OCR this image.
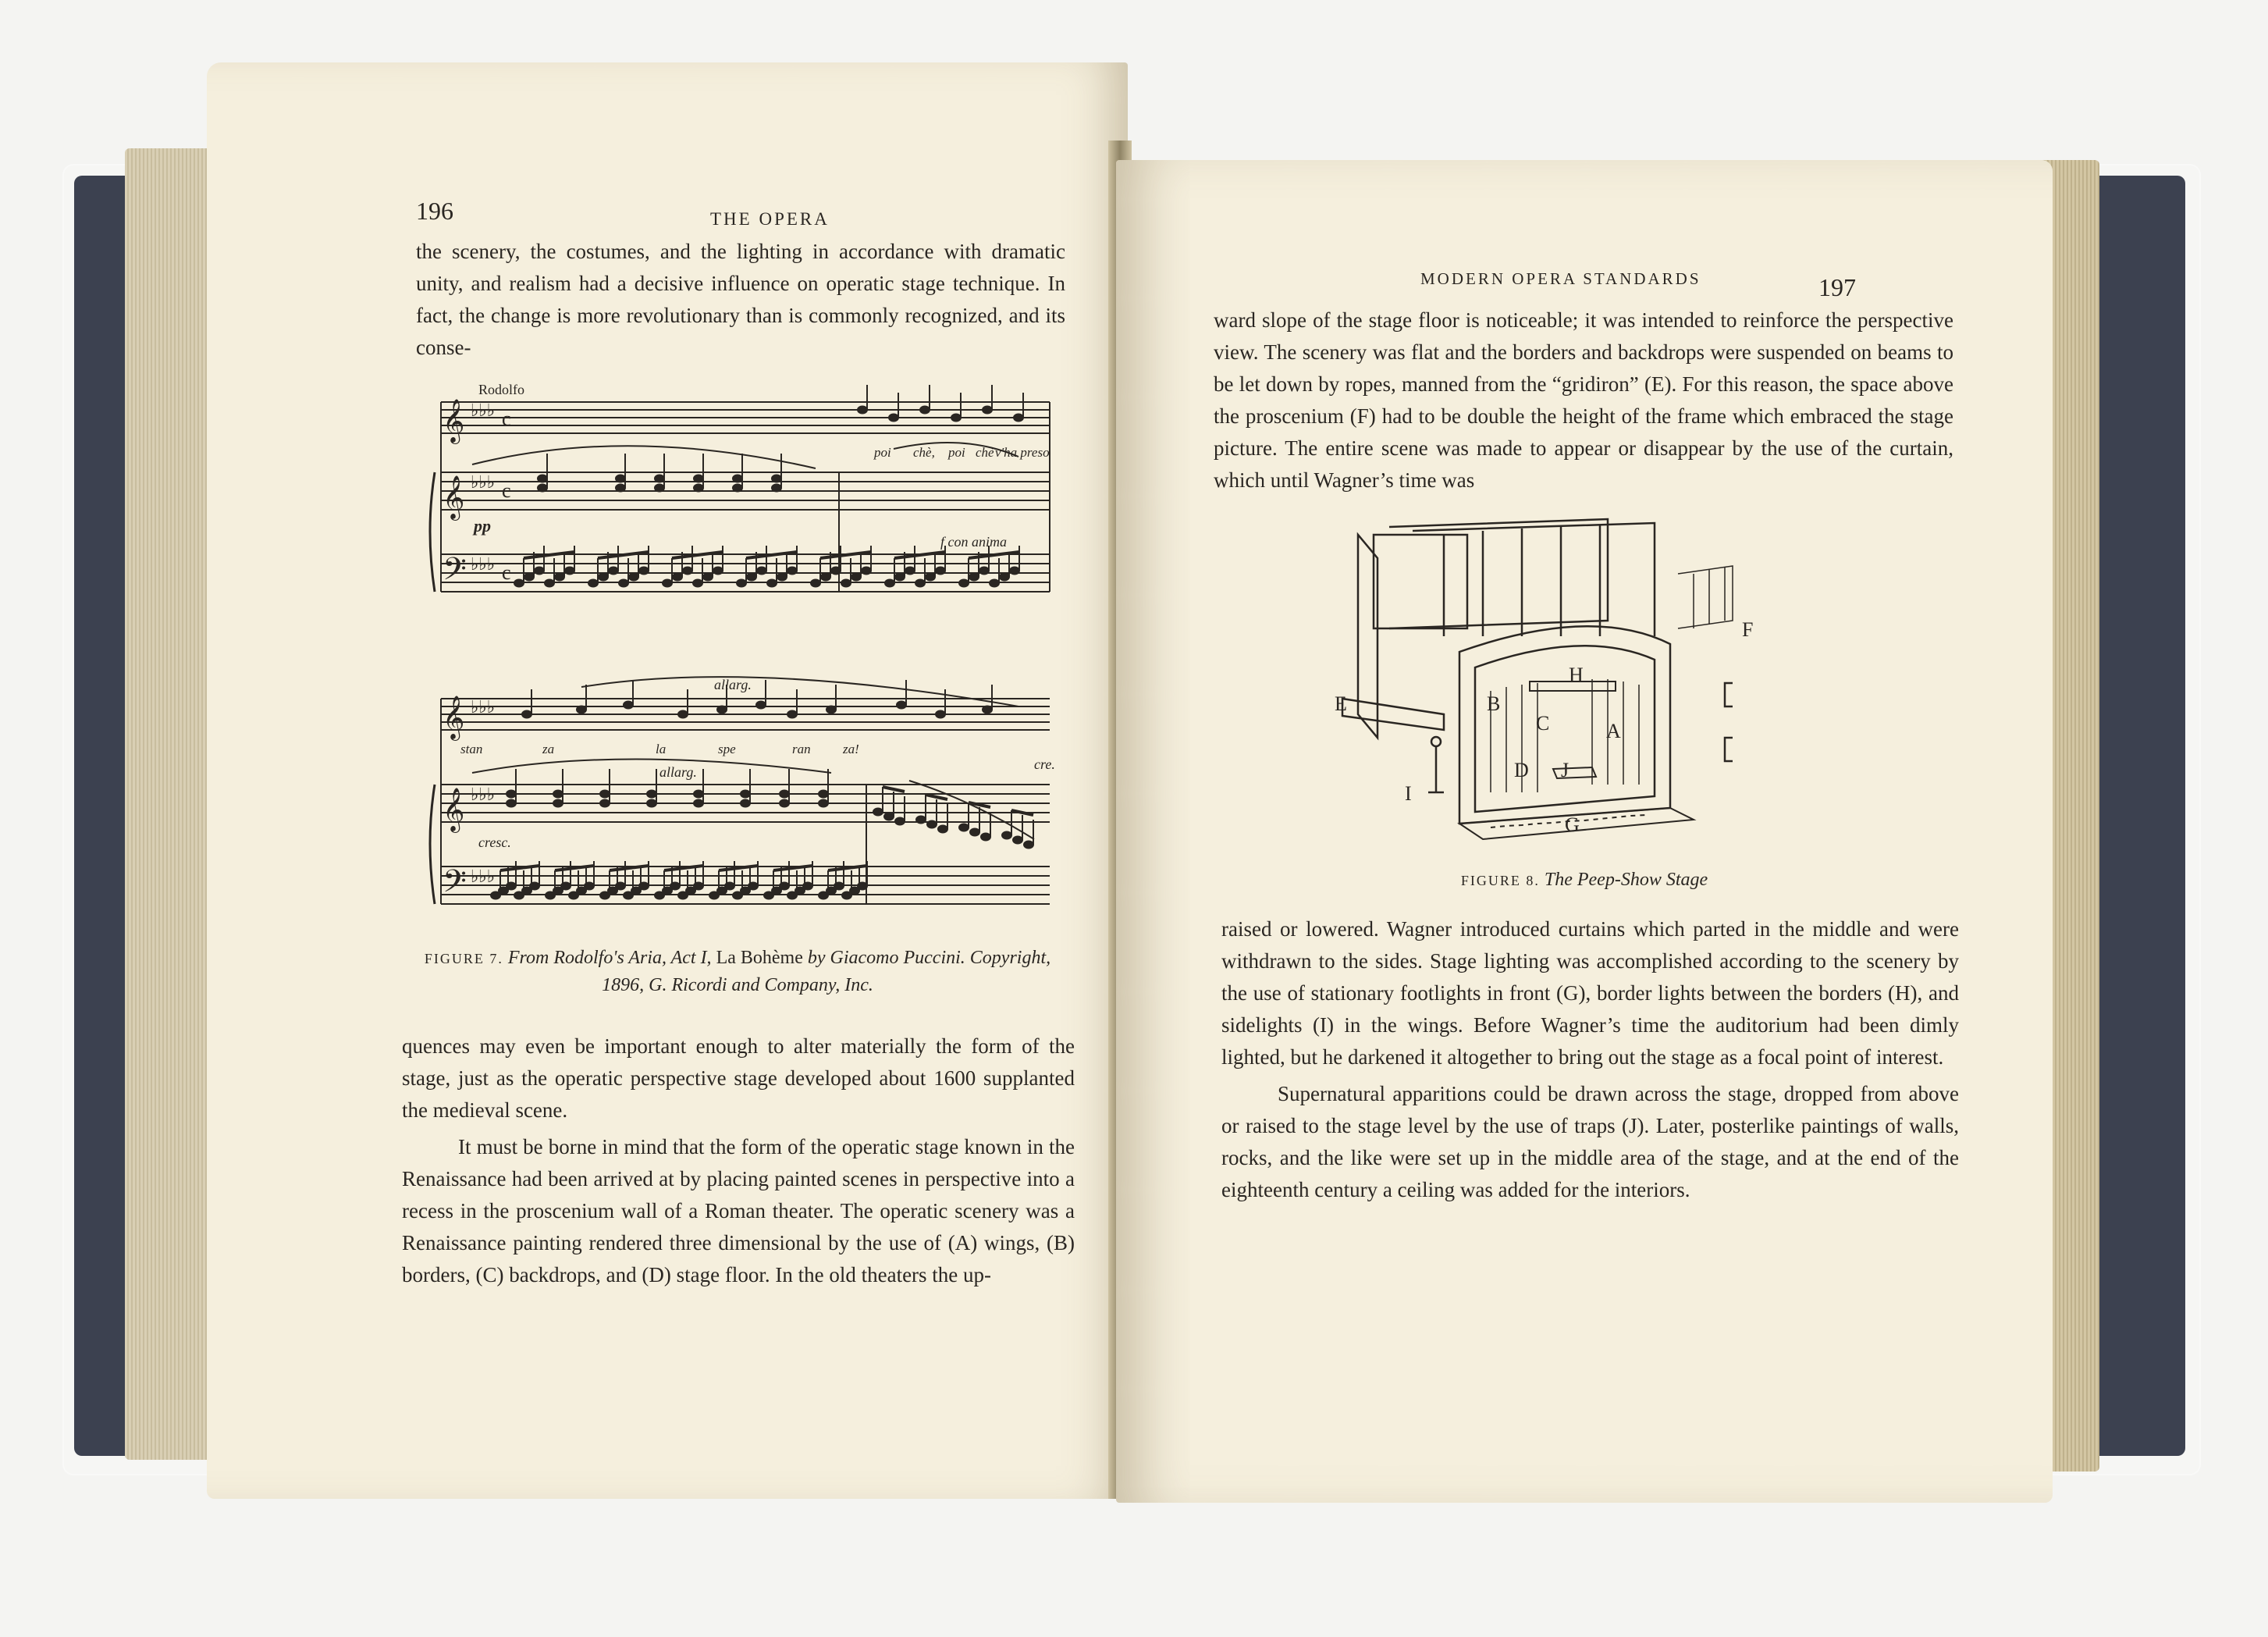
196	THE OPERA

the scenery, the costumes, and the lighting in accordance with dramatic unity, and realism had a decisive influence on operatic stage technique. In fact, the change is more revolutionary than is commonly recognized, and its conse-

𝄞
𝄞
𝄢
𝄞
𝄞
𝄢
♭♭♭
♭♭♭
♭♭♭
♭♭♭
♭♭♭
♭♭♭
c
c
c
Rodolfo
pp
f con anima
allarg.
allarg.
cresc.
cre.
poi chè, poi chè v'ha preso
stan	za	la	spe	ran za!
FIGURE 7. From Rodolfo's Aria, Act I, La Bohème by Giacomo Puccini. Copyright,
1896, G. Ricordi and Company, Inc.

quences may even be important enough to alter materially the form of the stage, just as the operatic perspective stage developed about 1600 supplanted the medieval scene.

It must be borne in mind that the form of the operatic stage known in the Renaissance had been arrived at by placing painted scenes in perspective into a recess in the proscenium wall of a Roman theater. The operatic scenery was a Renaissance painting rendered three dimensional by the use of (A) wings, (B) borders, (C) backdrops, and (D) stage floor. In the old theaters the up-

MODERN OPERA STANDARDS	197

ward slope of the stage floor is noticeable; it was intended to reinforce the perspective view. The scenery was flat and the borders and backdrops were suspended on beams to be let down by ropes, manned from the “gridiron” (E). For this reason, the space above the proscenium (F) had to be double the height of the frame which embraced the stage picture. The entire scene was made to appear or disappear by the use of the curtain, which until Wagner’s time was

A
B
C
D
E
F
G
H
I
J
FIGURE 8. The Peep-Show Stage

raised or lowered. Wagner introduced curtains which parted in the middle and were withdrawn to the sides. Stage lighting was accomplished according to the scenery by the use of stationary footlights in front (G), border lights between the borders (H), and sidelights (I) in the wings. Before Wagner’s time the auditorium had been dimly lighted, but he darkened it altogether to bring out the stage as a focal point of interest.

Supernatural apparitions could be drawn across the stage, dropped from above or raised to the stage level by the use of traps (J). Later, posterlike paintings of walls, rocks, and the like were set up in the middle area of the stage, and at the end of the eighteenth century a ceiling was added for the interiors.
